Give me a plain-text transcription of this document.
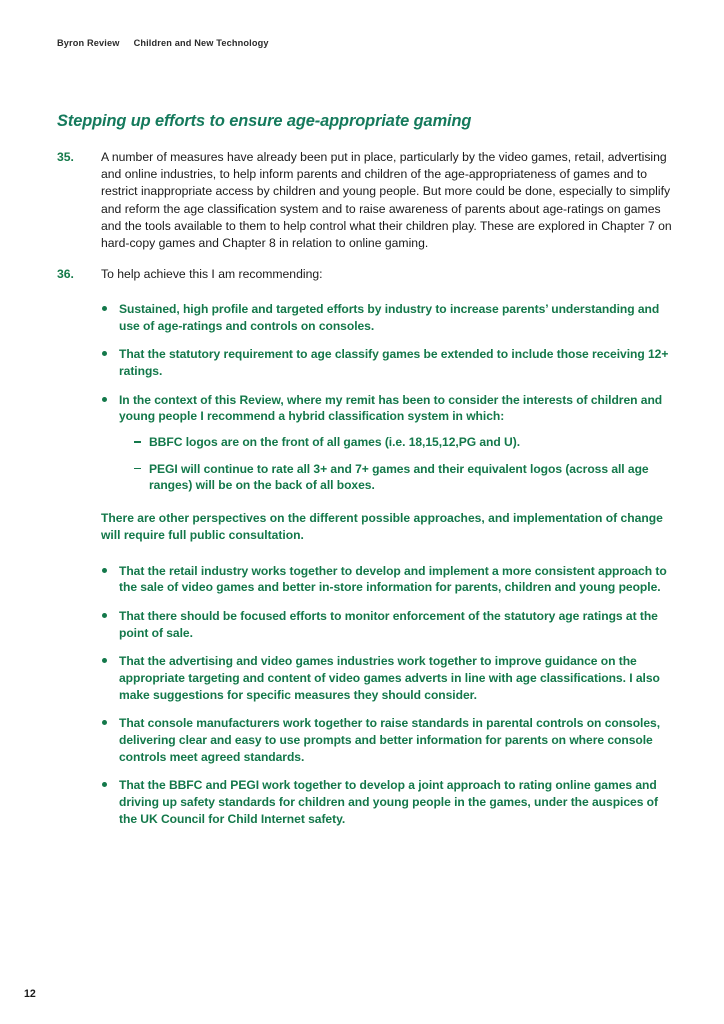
Byron Review Children and New Technology
Stepping up efforts to ensure age-appropriate gaming
35.	A number of measures have already been put in place, particularly by the video games, retail, advertising and online industries, to help inform parents and children of the age-appropriateness of games and to restrict inappropriate access by children and young people. But more could be done, especially to simplify and reform the age classification system and to raise awareness of parents about age-ratings on games and the tools available to them to help control what their children play. These are explored in Chapter 7 on hard-copy games and Chapter 8 in relation to online gaming.
36.	To help achieve this I am recommending:
Sustained, high profile and targeted efforts by industry to increase parents’ understanding and use of age-ratings and controls on consoles.
That the statutory requirement to age classify games be extended to include those receiving 12+ ratings.
In the context of this Review, where my remit has been to consider the interests of children and young people I recommend a hybrid classification system in which:
BBFC logos are on the front of all games (i.e. 18,15,12,PG and U).
PEGI will continue to rate all 3+ and 7+ games and their equivalent logos (across all age ranges) will be on the back of all boxes.

There are other perspectives on the different possible approaches, and implementation of change will require full public consultation.

That the retail industry works together to develop and implement a more consistent approach to the sale of video games and better in-store information for parents, children and young people.
That there should be focused efforts to monitor enforcement of the statutory age ratings at the point of sale.
That the advertising and video games industries work together to improve guidance on the appropriate targeting and content of video games adverts in line with age classifications. I also make suggestions for specific measures they should consider.
That console manufacturers work together to raise standards in parental controls on consoles, delivering clear and easy to use prompts and better information for parents on where console controls meet agreed standards.
That the BBFC and PEGI work together to develop a joint approach to rating online games and driving up safety standards for children and young people in the games, under the auspices of the UK Council for Child Internet safety.
12
